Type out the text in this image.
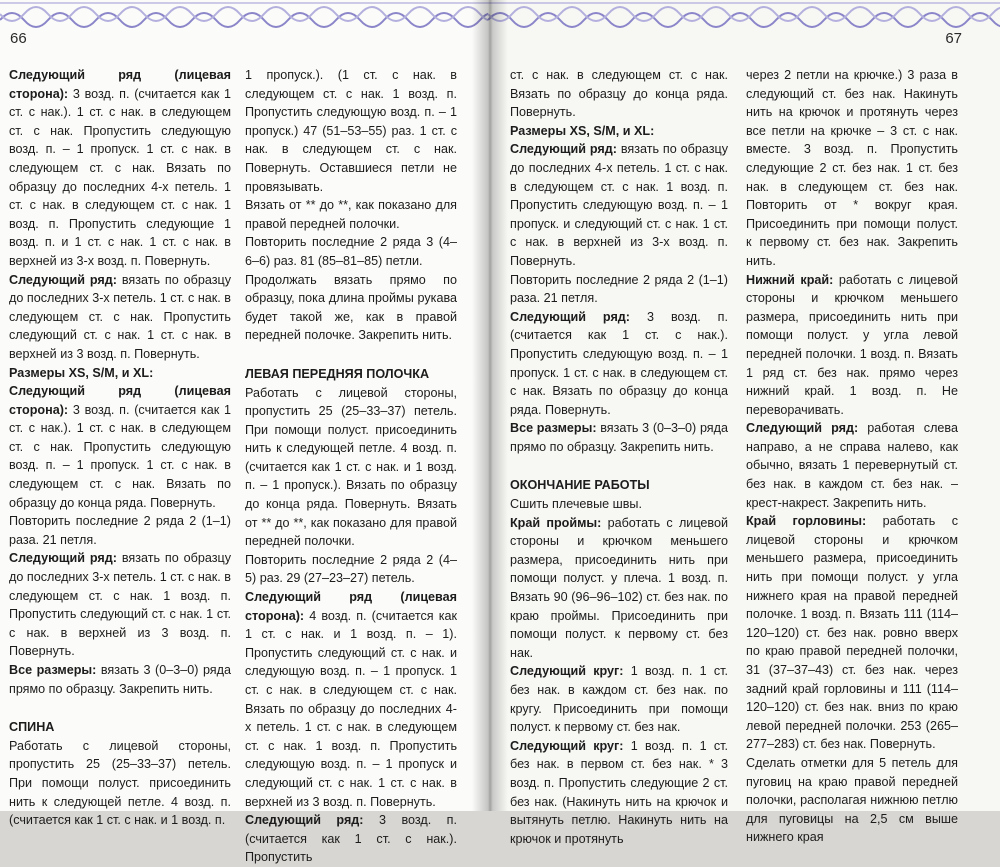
66

Следующий ряд (лицевая сторона): 3 возд. п. (считается как 1 ст. с нак.). 1 ст. с нак. в следующем ст. с нак. Пропустить следующую возд. п. – 1 пропуск. 1 ст. с нак. в следующем ст. с нак. Вязать по образцу до последних 4-х петель. 1 ст. с нак. в следующем ст. с нак. 1 возд. п. Пропустить следующие 1 возд. п. и 1 ст. с нак. 1 ст. с нак. в верхней из 3-х возд. п. Повернуть.

Следующий ряд: вязать по образцу до последних 3-х петель. 1 ст. с нак. в следующем ст. с нак. Пропустить следующий ст. с нак. 1 ст. с нак. в верхней из 3 возд. п. Повернуть.

Размеры XS, S/M, и XL:

Следующий ряд (лицевая сторона): 3 возд. п. (считается как 1 ст. с нак.). 1 ст. с нак. в следующем ст. с нак. Пропустить следующую возд. п. – 1 пропуск. 1 ст. с нак. в следующем ст. с нак. Вязать по образцу до конца ряда. Повернуть.

Повторить последние 2 ряда 2 (1–1) раза. 21 петля.

Следующий ряд: вязать по образцу до последних 3-х петель. 1 ст. с нак. в следующем ст. с нак. 1 возд. п. Пропустить следующий ст. с нак. 1 ст. с нак. в верхней из 3 возд. п. Повернуть.

Все размеры: вязать 3 (0–3–0) ряда прямо по образцу. Закрепить нить.

СПИНА

Работать с лицевой стороны, пропустить 25 (25–33–37) петель. При помощи полуст. присоединить нить к следующей петле. 4 возд. п. (считается как 1 ст. с нак. и 1 возд. п.

1 пропуск.). (1 ст. с нак. в следующем ст. с нак. 1 возд. п. Пропустить следующую возд. п. – 1 пропуск.) 47 (51–53–55) раз. 1 ст. с нак. в следующем ст. с нак. Повернуть. Оставшиеся петли не провязывать.

Вязать от ** до **, как показано для правой передней полочки.

Повторить последние 2 ряда 3 (4–6–6) раз. 81 (85–81–85) петли.

Продолжать вязать прямо по образцу, пока длина проймы рукава будет такой же, как в правой передней полочке. Закрепить нить.

ЛЕВАЯ ПЕРЕДНЯЯ ПОЛОЧКА

Работать с лицевой стороны, пропустить 25 (25–33–37) петель. При помощи полуст. присоединить нить к следующей петле. 4 возд. п. (считается как 1 ст. с нак. и 1 возд. п. – 1 пропуск.). Вязать по образцу до конца ряда. Повернуть. Вязать от ** до **, как показано для правой передней полочки.

Повторить последние 2 ряда 2 (4–5) раз. 29 (27–23–27) петель.

Следующий ряд (лицевая сторона): 4 возд. п. (считается как 1 ст. с нак. и 1 возд. п. – 1). Пропустить следующий ст. с нак. и следующую возд. п. – 1 пропуск. 1 ст. с нак. в следующем ст. с нак. Вязать по образцу до последних 4-х петель. 1 ст. с нак. в следующем ст. с нак. 1 возд. п. Пропустить следующую возд. п. – 1 пропуск и следующий ст. с нак. 1 ст. с нак. в верхней из 3 возд. п. Повернуть.

Следующий ряд: 3 возд. п. (считается как 1 ст. с нак.). Пропустить

67

ст. с нак. в следующем ст. с нак. Вязать по образцу до конца ряда. Повернуть.

Размеры XS, S/M, и XL:

Следующий ряд: вязать по образцу до последних 4-х петель. 1 ст. с нак. в следующем ст. с нак. 1 возд. п. Пропустить следующую возд. п. – 1 пропуск. и следующий ст. с нак. 1 ст. с нак. в верхней из 3-х возд. п. Повернуть.

Повторить последние 2 ряда 2 (1–1) раза. 21 петля.

Следующий ряд: 3 возд. п. (считается как 1 ст. с нак.). Пропустить следующую возд. п. – 1 пропуск. 1 ст. с нак. в следующем ст. с нак. Вязать по образцу до конца ряда. Повернуть.

Все размеры: вязать 3 (0–3–0) ряда прямо по образцу. Закрепить нить.

ОКОНЧАНИЕ РАБОТЫ

Сшить плечевые швы.

Край проймы: работать с лицевой стороны и крючком меньшего размера, присоединить нить при помощи полуст. у плеча. 1 возд. п. Вязать 90 (96–96–102) ст. без нак. по краю проймы. Присоединить при помощи полуст. к первому ст. без нак.

Следующий круг: 1 возд. п. 1 ст. без нак. в каждом ст. без нак. по кругу. Присоединить при помощи полуст. к первому ст. без нак.

Следующий круг: 1 возд. п. 1 ст. без нак. в первом ст. без нак. * 3 возд. п. Пропустить следующие 2 ст. без нак. (Накинуть нить на крючок и вытянуть петлю. Накинуть нить на крючок и протянуть

через 2 петли на крючке.) 3 раза в следующий ст. без нак. Накинуть нить на крючок и протянуть через все петли на крючке – 3 ст. с нак. вместе. 3 возд. п. Пропустить следующие 2 ст. без нак. 1 ст. без нак. в следующем ст. без нак. Повторить от * вокруг края. Присоединить при помощи полуст. к первому ст. без нак. Закрепить нить.

Нижний край: работать с лицевой стороны и крючком меньшего размера, присоединить нить при помощи полуст. у угла левой передней полочки. 1 возд. п. Вязать 1 ряд ст. без нак. прямо через нижний край. 1 возд. п. Не переворачивать.

Следующий ряд: работая слева направо, а не справа налево, как обычно, вязать 1 перевернутый ст. без нак. в каждом ст. без нак. – крест-накрест. Закрепить нить.

Край горловины: работать с лицевой стороны и крючком меньшего размера, присоединить нить при помощи полуст. у угла нижнего края на правой передней полочке. 1 возд. п. Вязать 111 (114–120–120) ст. без нак. ровно вверх по краю правой передней полочки, 31 (37–37–43) ст. без нак. через задний край горловины и 111 (114–120–120) ст. без нак. вниз по краю левой передней полочки. 253 (265–277–283) ст. без нак. Повернуть.

Сделать отметки для 5 петель для пуговиц на краю правой передней полочки, располагая нижнюю петлю для пуговицы на 2,5 см выше нижнего края
